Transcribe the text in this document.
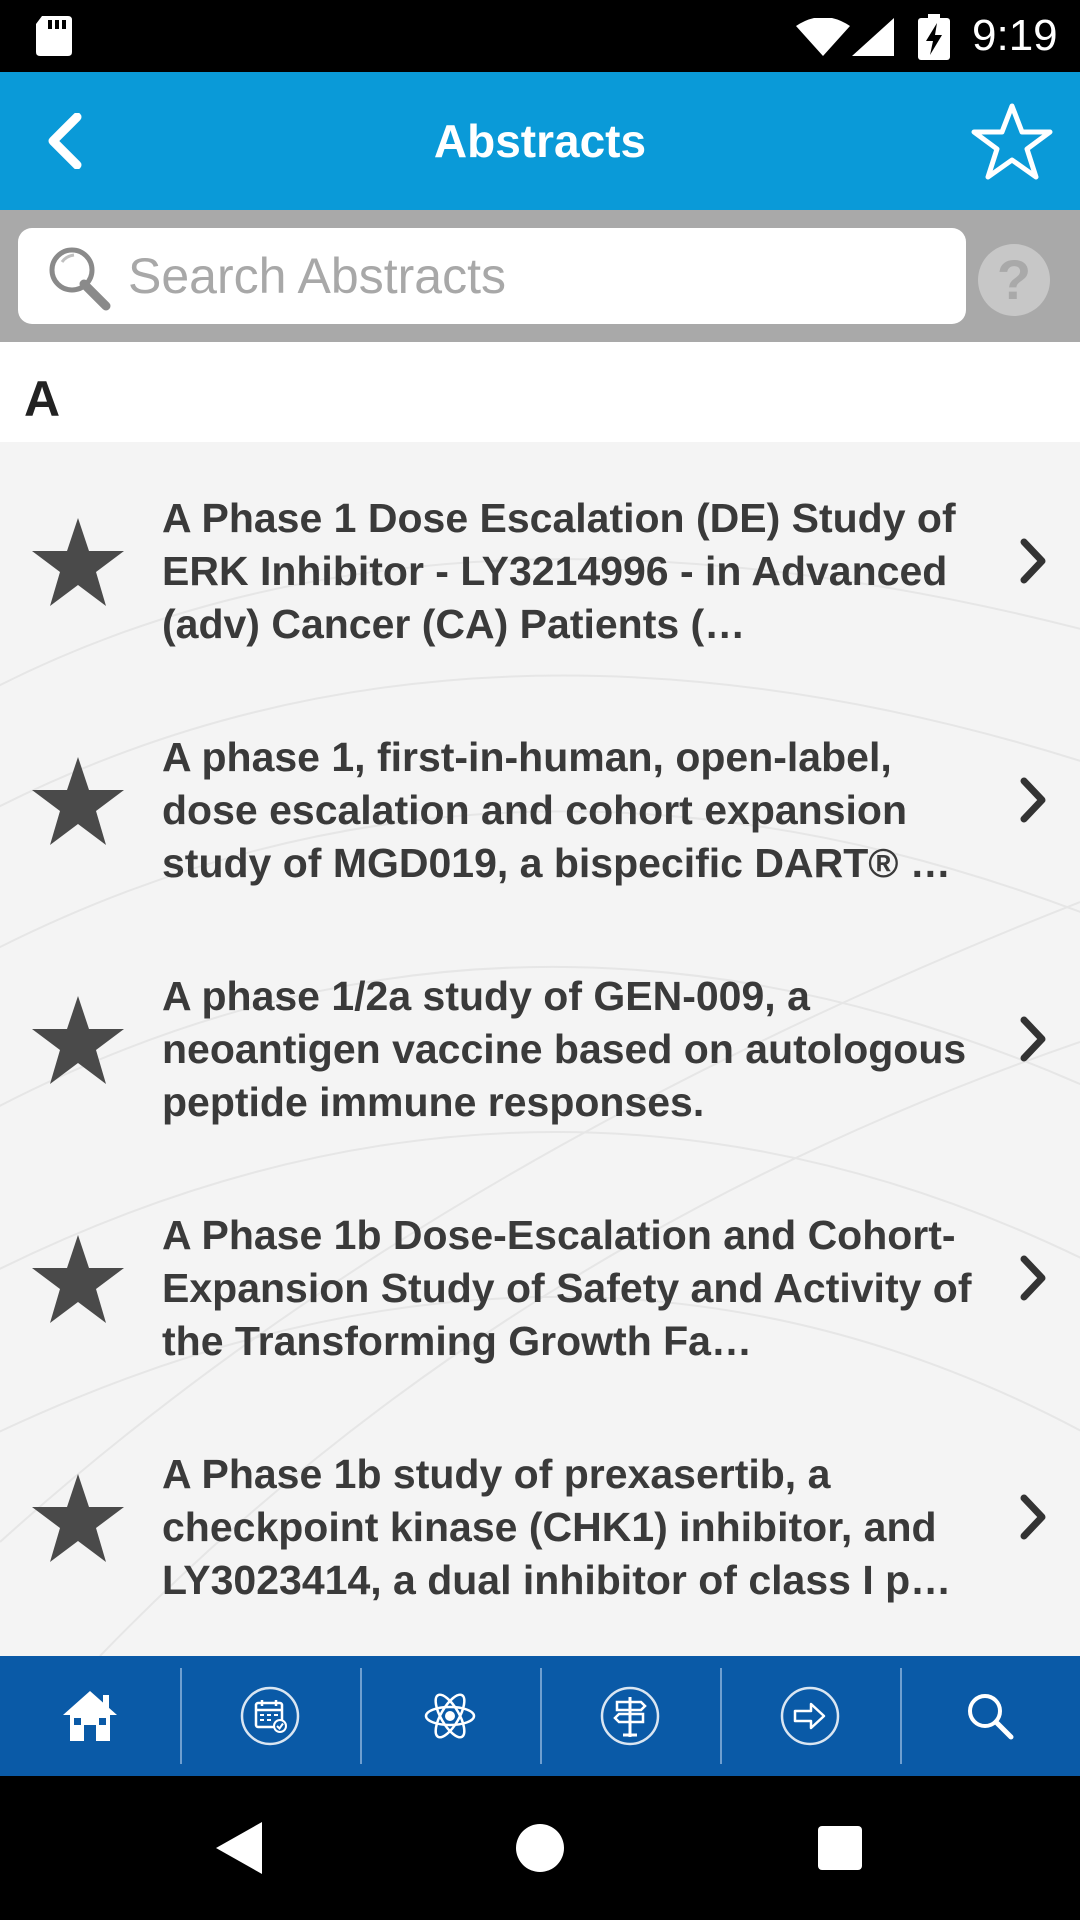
9:19
Abstracts
Search Abstracts
?
A
A Phase 1 Dose Escalation (DE) Study of ERK Inhibitor - LY3214996 - in Advanced (adv) Cancer (CA) Patients (…
A phase 1, first-in-human, open-label, dose escalation and cohort expansion study of MGD019, a bispecific DART® …
A phase 1/2a study of GEN-009, a neoantigen vaccine based on autologous peptide immune responses.
A Phase 1b Dose-Escalation and Cohort-Expansion Study of Safety and Activity of the Transforming Growth Fa…
A Phase 1b study of prexasertib, a checkpoint kinase (CHK1) inhibitor, and LY3023414, a dual inhibitor of class I p…
